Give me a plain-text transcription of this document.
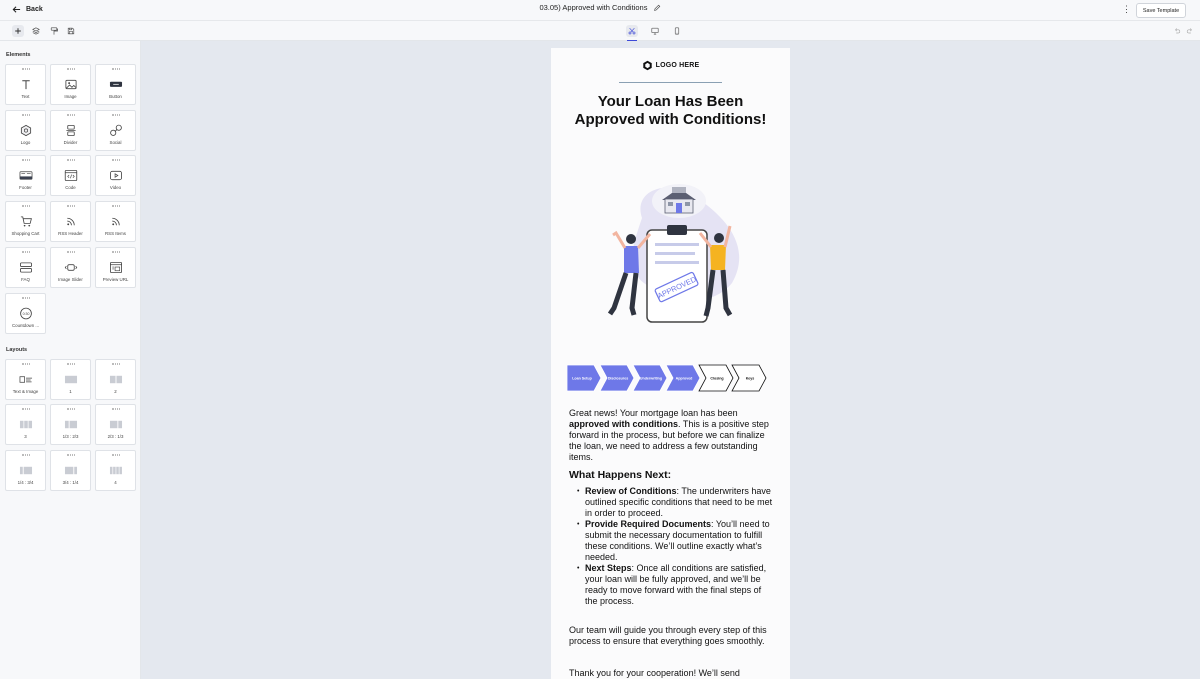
Back	03.05) Approved with Conditions	⋮	Save Template
Elements
Text	Image	Button
Logo	Divider	Social
Footer	Code	Video
Shopping Cart	RSS Header	RSS Items
FAQ	Image Slider	Preview URL
0:30
Countdown ...
Layouts
Text & Image	1	2
3	1/3 : 2/3	2/3 : 1/3
1/4 : 3/4	3/4 : 1/4	4
LOGO HERE
Your Loan Has Been Approved with Conditions!
APPROVED
Loan Setup	Disclosures	Underwriting	Approved	Closing	Keys
Great news! Your mortgage loan has been approved with conditions. This is a positive step forward in the process, but before we can finalize the loan, we need to address a few outstanding items.
What Happens Next:
• Review of Conditions: The underwriters have outlined specific conditions that need to be met in order to proceed.
• Provide Required Documents: You’ll need to submit the necessary documentation to fulfill these conditions. We’ll outline exactly what’s needed.
• Next Steps: Once all conditions are satisfied, your loan will be fully approved, and we’ll be ready to move forward with the final steps of the process.
Our team will guide you through every step of this process to ensure that everything goes smoothly.
Thank you for your cooperation! We’ll send
